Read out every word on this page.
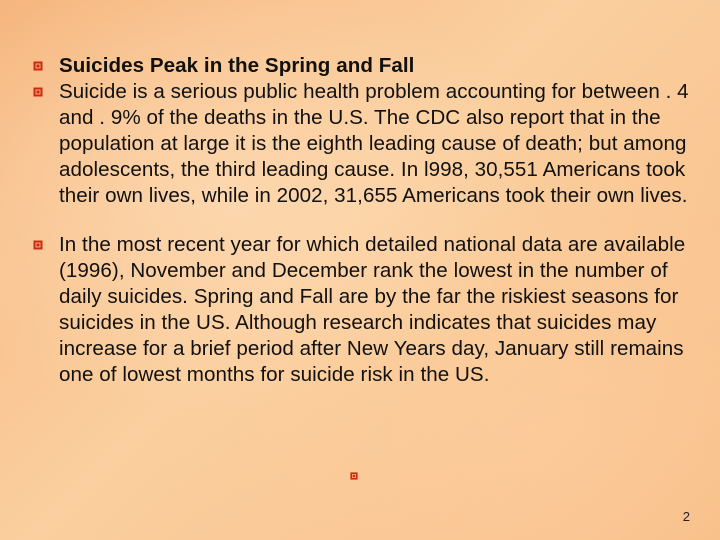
Suicides Peak in the Spring and Fall
Suicide is a serious public health problem accounting for between . 4 and . 9% of the deaths in the U.S. The CDC also report that in the population at large it is the eighth leading cause of death; but among adolescents, the third leading cause. In l998, 30,551 Americans took their own lives, while in 2002, 31,655 Americans took their own lives.
In the most recent year for which detailed national data are available (1996), November and December rank the lowest in the number of daily suicides. Spring and Fall are by the far the riskiest seasons for suicides in the US. Although research indicates that suicides may increase for a brief period after New Years day, January still remains one of lowest months for suicide risk in the US.
2
